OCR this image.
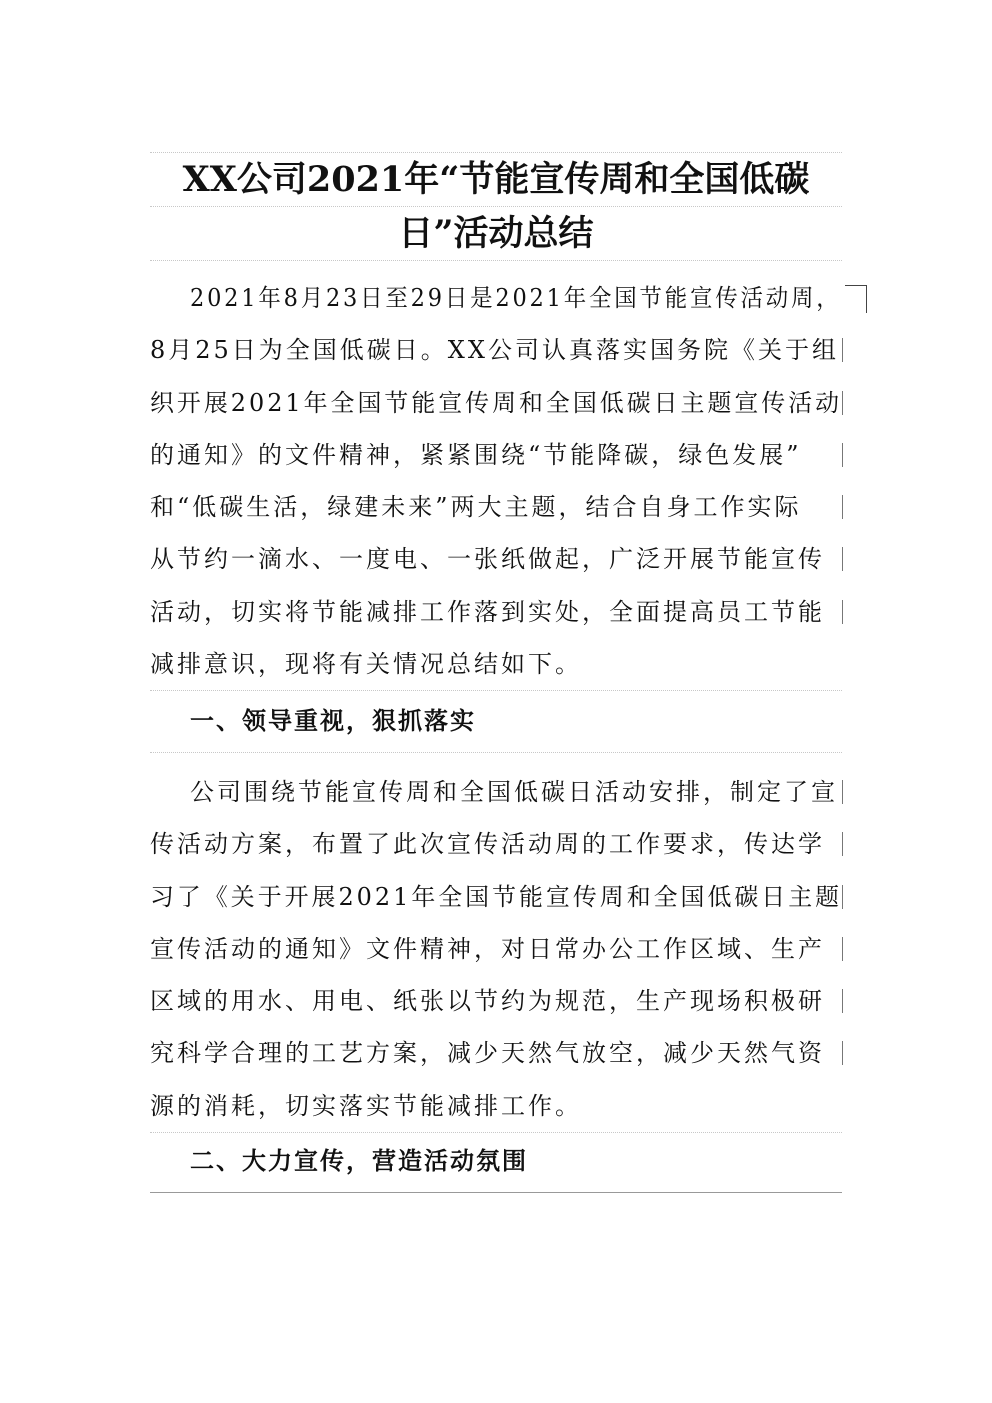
XX公司2021年“节能宣传周和全国低碳
日”活动总结
2021年8月23日至29日是2021年全国节能宣传活动周，
8月25日为全国低碳日。XX公司认真落实国务院《关于组
织开展2021年全国节能宣传周和全国低碳日主题宣传活动
的通知》的文件精神，紧紧围绕“节能降碳，绿色发展”
和“低碳生活，绿建未来”两大主题，结合自身工作实际
从节约一滴水、一度电、一张纸做起，广泛开展节能宣传
活动，切实将节能减排工作落到实处，全面提高员工节能
减排意识，现将有关情况总结如下。
一、领导重视，狠抓落实
公司围绕节能宣传周和全国低碳日活动安排，制定了宣
传活动方案，布置了此次宣传活动周的工作要求，传达学
习了《关于开展2021年全国节能宣传周和全国低碳日主题
宣传活动的通知》文件精神，对日常办公工作区域、生产
区域的用水、用电、纸张以节约为规范，生产现场积极研
究科学合理的工艺方案，减少天然气放空，减少天然气资
源的消耗，切实落实节能减排工作。
二、大力宣传，营造活动氛围
